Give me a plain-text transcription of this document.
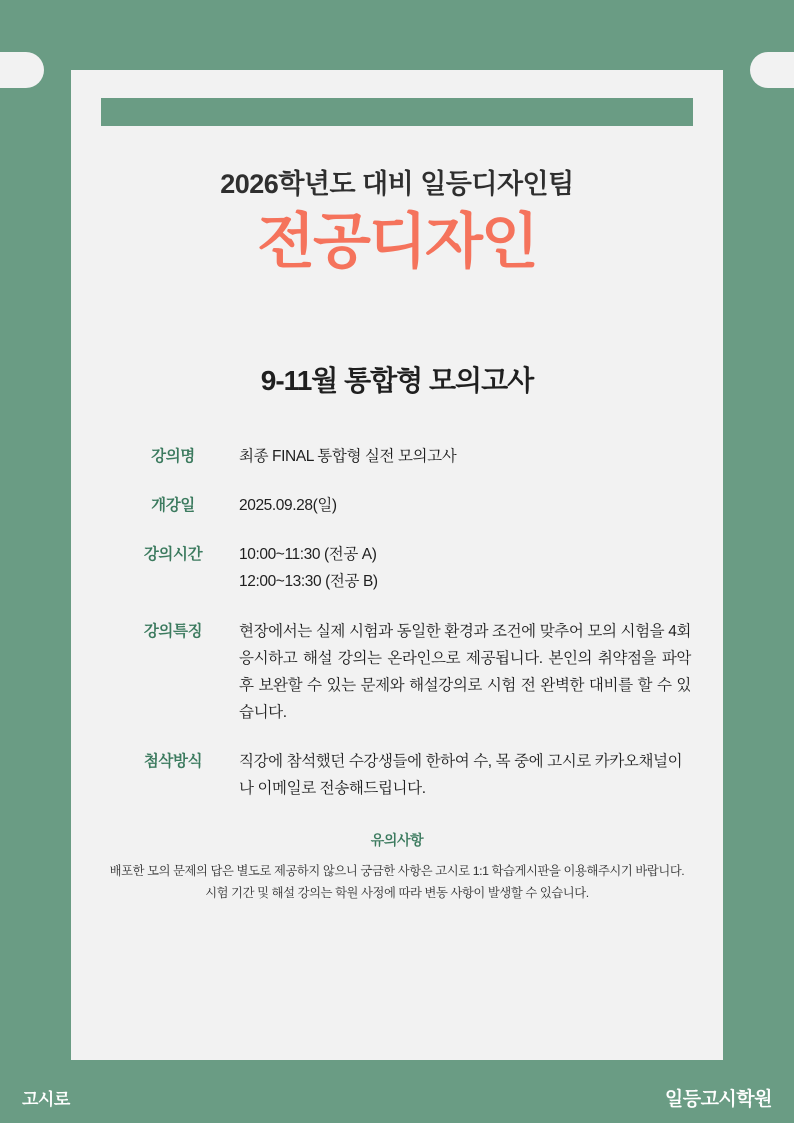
2026학년도 대비 일등디자인팀
전공디자인
9-11월 통합형 모의고사
강의명	최종 FINAL 통합형 실전 모의고사
개강일	2025.09.28(일)
강의시간	10:00~11:30 (전공 A)
12:00~13:30 (전공 B)
강의특징	현장에서는 실제 시험과 동일한 환경과 조건에 맞추어 모의 시험을 4회 응시하고 해설 강의는 온라인으로 제공됩니다. 본인의 취약점을 파악 후 보완할 수 있는 문제와 해설강의로 시험 전 완벽한 대비를 할 수 있습니다.
첨삭방식	직강에 참석했던 수강생들에 한하여 수, 목 중에 고시로 카카오채널이나 이메일로 전송해드립니다.
유의사항
배포한 모의 문제의 답은 별도로 제공하지 않으니 궁금한 사항은 고시로 1:1 학습게시판을 이용해주시기 바랍니다.
시험 기간 및 해설 강의는 학원 사정에 따라 변동 사항이 발생할 수 있습니다.
고시로	일등고시학원
